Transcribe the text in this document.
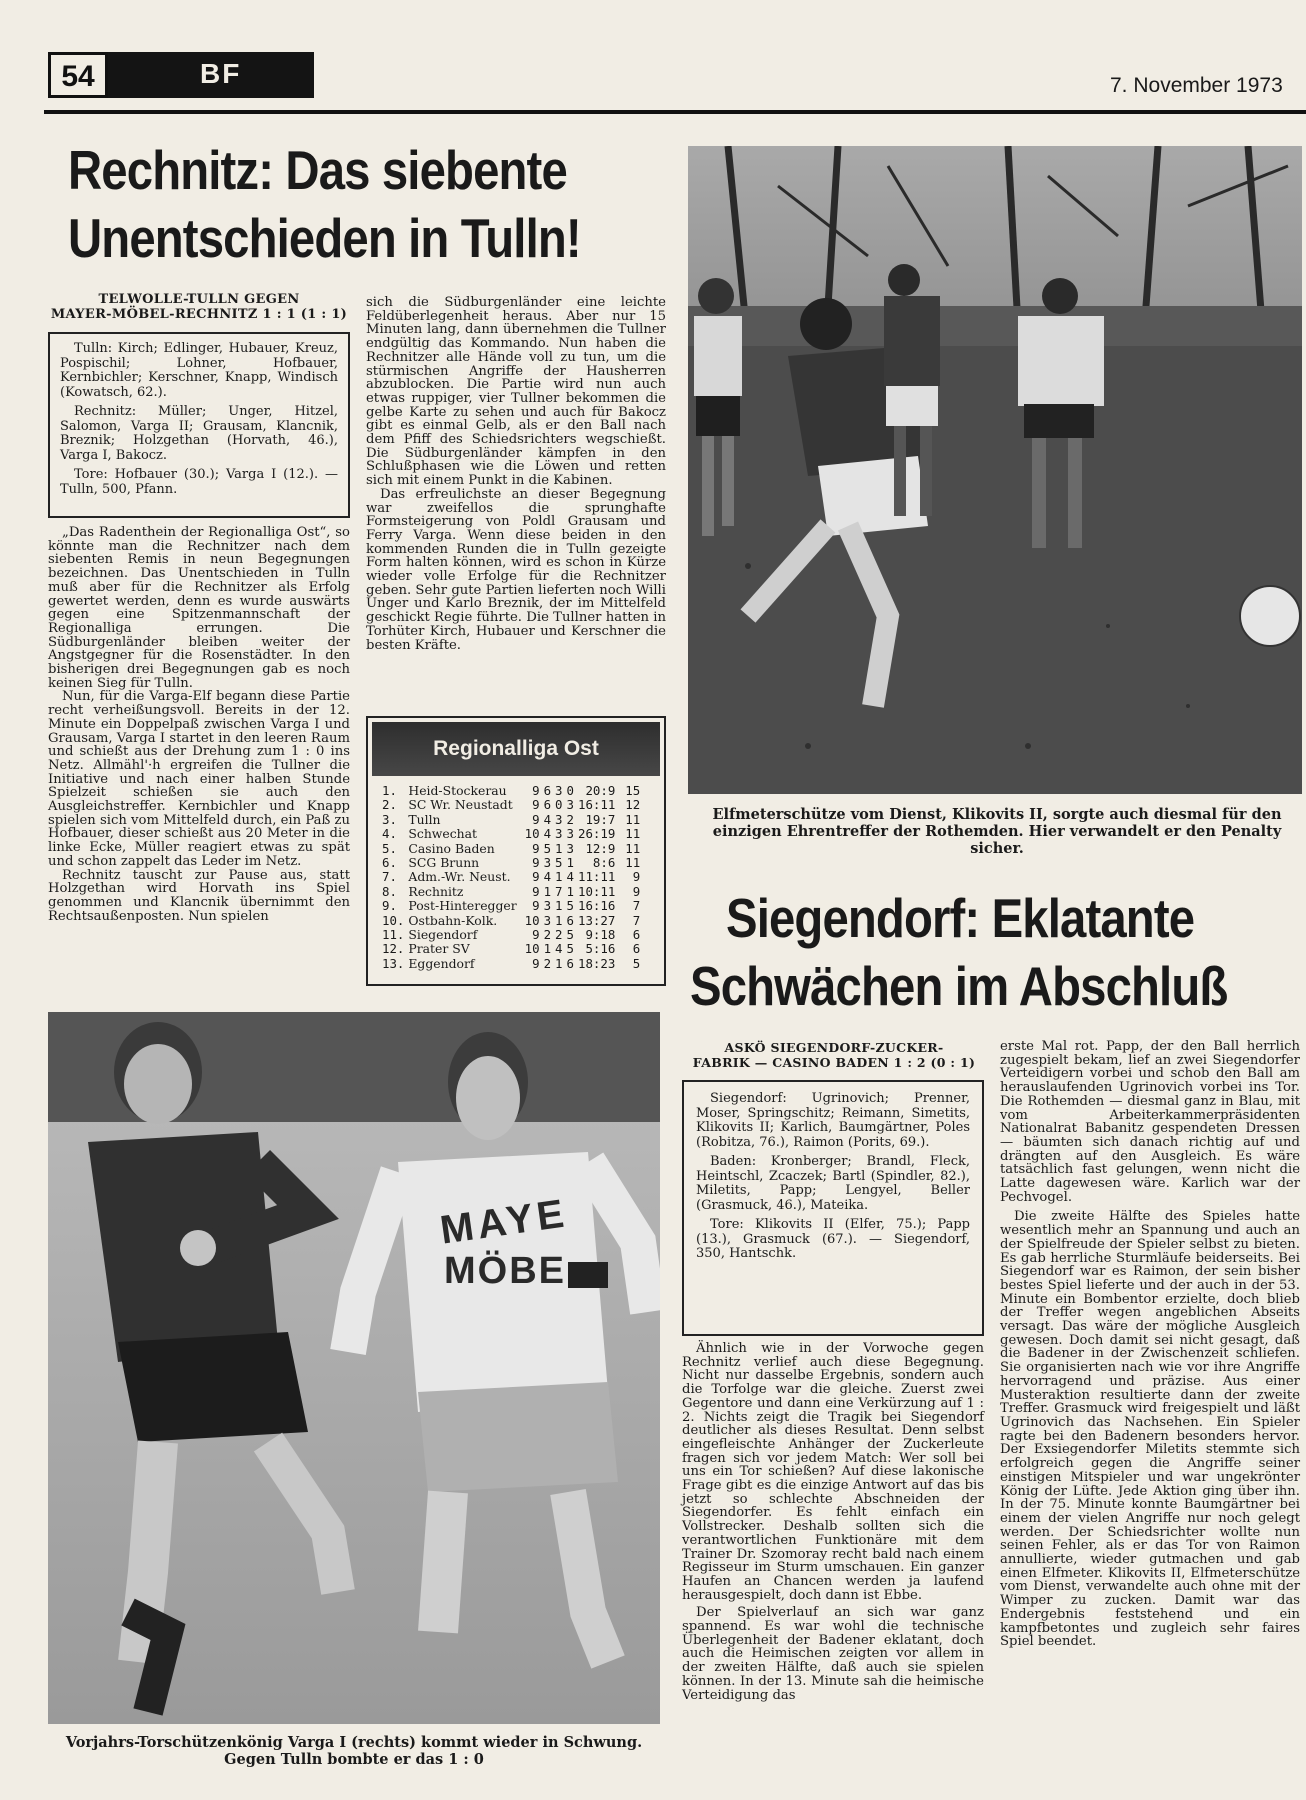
54	BF	7. November 1973
Rechnitz: Das siebente
Unentschieden in Tulln!
TELWOLLE-TULLN GEGEN
MAYER-MÖBEL-RECHNITZ 1 : 1 (1 : 1)

Tulln: Kirch; Edlinger, Hubauer, Kreuz, Pospischil; Lohner, Hofbauer, Kernbichler; Kerschner, Knapp, Windisch (Kowatsch, 62.).

Rechnitz: Müller; Unger, Hitzel, Salomon, Varga II; Grausam, Klancnik, Breznik; Holzgethan (Horvath, 46.), Varga I, Bakocz.

Tore: Hofbauer (30.); Varga I (12.). — Tulln, 500, Pfann.

„Das Radenthein der Regionalliga Ost“, so könnte man die Rechnitzer nach dem siebenten Remis in neun Begegnungen bezeichnen. Das Unentschieden in Tulln muß aber für die Rechnitzer als Erfolg gewertet werden, denn es wurde auswärts gegen eine Spitzenmannschaft der Regionalliga errungen. Die Südburgenländer bleiben weiter der Angstgegner für die Rosenstädter. In den bisherigen drei Begegnungen gab es noch keinen Sieg für Tulln.

Nun, für die Varga-Elf begann diese Partie recht verheißungsvoll. Bereits in der 12. Minute ein Doppelpaß zwischen Varga I und Grausam, Varga I startet in den leeren Raum und schießt aus der Drehung zum 1 : 0 ins Netz. Allmähl'·h ergreifen die Tullner die Initiative und nach einer halben Stunde Spielzeit schießen sie auch den Ausgleichstreffer. Kernbichler und Knapp spielen sich vom Mittelfeld durch, ein Paß zu Hofbauer, dieser schießt aus 20 Meter in die linke Ecke, Müller reagiert etwas zu spät und schon zappelt das Leder im Netz.

Rechnitz tauscht zur Pause aus, statt Holzgethan wird Horvath ins Spiel genommen und Klancnik übernimmt den Rechtsaußenposten. Nun spielen

sich die Südburgenländer eine leichte Feldüberlegenheit heraus. Aber nur 15 Minuten lang, dann übernehmen die Tullner endgültig das Kommando. Nun haben die Rechnitzer alle Hände voll zu tun, um die stürmischen Angriffe der Hausherren abzublocken. Die Partie wird nun auch etwas ruppiger, vier Tullner bekommen die gelbe Karte zu sehen und auch für Bakocz gibt es einmal Gelb, als er den Ball nach dem Pfiff des Schiedsrichters wegschießt. Die Südburgenländer kämpfen in den Schlußphasen wie die Löwen und retten sich mit einem Punkt in die Kabinen.

Das erfreulichste an dieser Begegnung war zweifellos die sprunghafte Formsteigerung von Poldl Grausam und Ferry Varga. Wenn diese beiden in den kommenden Runden die in Tulln gezeigte Form halten können, wird es schon in Kürze wieder volle Erfolge für die Rechnitzer geben. Sehr gute Partien lieferten noch Willi Unger und Karlo Breznik, der im Mittelfeld geschickt Regie führte. Die Tullner hatten in Torhüter Kirch, Hubauer und Kerschner die besten Kräfte.

Regionalliga Ost
1.	Heid-Stockerau	9	6	3	0	20:9	15
2.	SC Wr. Neustadt	9	6	0	3	16:11	12
3.	Tulln	9	4	3	2	19:7	11
4.	Schwechat	10	4	3	3	26:19	11
5.	Casino Baden	9	5	1	3	12:9	11
6.	SCG Brunn	9	3	5	1	8:6	11
7.	Adm.-Wr. Neust.	9	4	1	4	11:11	9
8.	Rechnitz	9	1	7	1	10:11	9
9.	Post-Hinteregger	9	3	1	5	16:16	7
10.	Ostbahn-Kolk.	10	3	1	6	13:27	7
11.	Siegendorf	9	2	2	5	9:18	6
12.	Prater SV	10	1	4	5	5:16	6
13.	Eggendorf	9	2	1	6	18:23	5
Elfmeterschütze vom Dienst, Klikovits II, sorgte auch diesmal für den einzigen Ehrentreffer der Rothemden. Hier verwandelt er den Penalty sicher.
Siegendorf: Eklatante
Schwächen im Abschluß
MAYE
MÖBE
Vorjahrs-Torschützenkönig Varga I (rechts) kommt wieder in Schwung. Gegen Tulln bombte er das 1 : 0
ASKÖ SIEGENDORF-ZUCKER-
FABRIK — CASINO BADEN 1 : 2 (0 : 1)

Siegendorf: Ugrinovich; Prenner, Moser, Springschitz; Reimann, Simetits, Klikovits II; Karlich, Baumgärtner, Poles (Robitza, 76.), Raimon (Porits, 69.).

Baden: Kronberger; Brandl, Fleck, Heintschl, Zcaczek; Bartl (Spindler, 82.), Miletits, Papp; Lengyel, Beller (Grasmuck, 46.), Mateika.

Tore: Klikovits II (Elfer, 75.); Papp (13.), Grasmuck (67.). — Siegendorf, 350, Hantschk.

Ähnlich wie in der Vorwoche gegen Rechnitz verlief auch diese Begegnung. Nicht nur dasselbe Ergebnis, sondern auch die Torfolge war die gleiche. Zuerst zwei Gegentore und dann eine Verkürzung auf 1 : 2. Nichts zeigt die Tragik bei Siegendorf deutlicher als dieses Resultat. Denn selbst eingefleischte Anhänger der Zuckerleute fragen sich vor jedem Match: Wer soll bei uns ein Tor schießen? Auf diese lakonische Frage gibt es die einzige Antwort auf das bis jetzt so schlechte Abschneiden der Siegendorfer. Es fehlt einfach ein Vollstrecker. Deshalb sollten sich die verantwortlichen Funktionäre mit dem Trainer Dr. Szomoray recht bald nach einem Regisseur im Sturm umschauen. Ein ganzer Haufen an Chancen werden ja laufend herausgespielt, doch dann ist Ebbe.

Der Spielverlauf an sich war ganz spannend. Es war wohl die technische Überlegenheit der Badener eklatant, doch auch die Heimischen zeigten vor allem in der zweiten Hälfte, daß auch sie spielen können. In der 13. Minute sah die heimische Verteidigung das

erste Mal rot. Papp, der den Ball herrlich zugespielt bekam, lief an zwei Siegendorfer Verteidigern vorbei und schob den Ball am herauslaufenden Ugrinovich vorbei ins Tor. Die Rothemden — diesmal ganz in Blau, mit vom Arbeiterkammerpräsidenten Nationalrat Babanitz gespendeten Dressen — bäumten sich danach richtig auf und drängten auf den Ausgleich. Es wäre tatsächlich fast gelungen, wenn nicht die Latte dagewesen wäre. Karlich war der Pechvogel.

Die zweite Hälfte des Spieles hatte wesentlich mehr an Spannung und auch an der Spielfreude der Spieler selbst zu bieten. Es gab herrliche Sturmläufe beiderseits. Bei Siegendorf war es Raimon, der sein bisher bestes Spiel lieferte und der auch in der 53. Minute ein Bombentor erzielte, doch blieb der Treffer wegen angeblichen Abseits versagt. Das wäre der mögliche Ausgleich gewesen. Doch damit sei nicht gesagt, daß die Badener in der Zwischenzeit schliefen. Sie organisierten nach wie vor ihre Angriffe hervorragend und präzise. Aus einer Musteraktion resultierte dann der zweite Treffer. Grasmuck wird freigespielt und läßt Ugrinovich das Nachsehen. Ein Spieler ragte bei den Badenern besonders hervor. Der Exsiegendorfer Miletits stemmte sich erfolgreich gegen die Angriffe seiner einstigen Mitspieler und war ungekrönter König der Lüfte. Jede Aktion ging über ihn. In der 75. Minute konnte Baumgärtner bei einem der vielen Angriffe nur noch gelegt werden. Der Schiedsrichter wollte nun seinen Fehler, als er das Tor von Raimon annullierte, wieder gutmachen und gab einen Elfmeter. Klikovits II, Elfmeterschütze vom Dienst, verwandelte auch ohne mit der Wimper zu zucken. Damit war das Endergebnis feststehend und ein kampfbetontes und zugleich sehr faires Spiel beendet.
